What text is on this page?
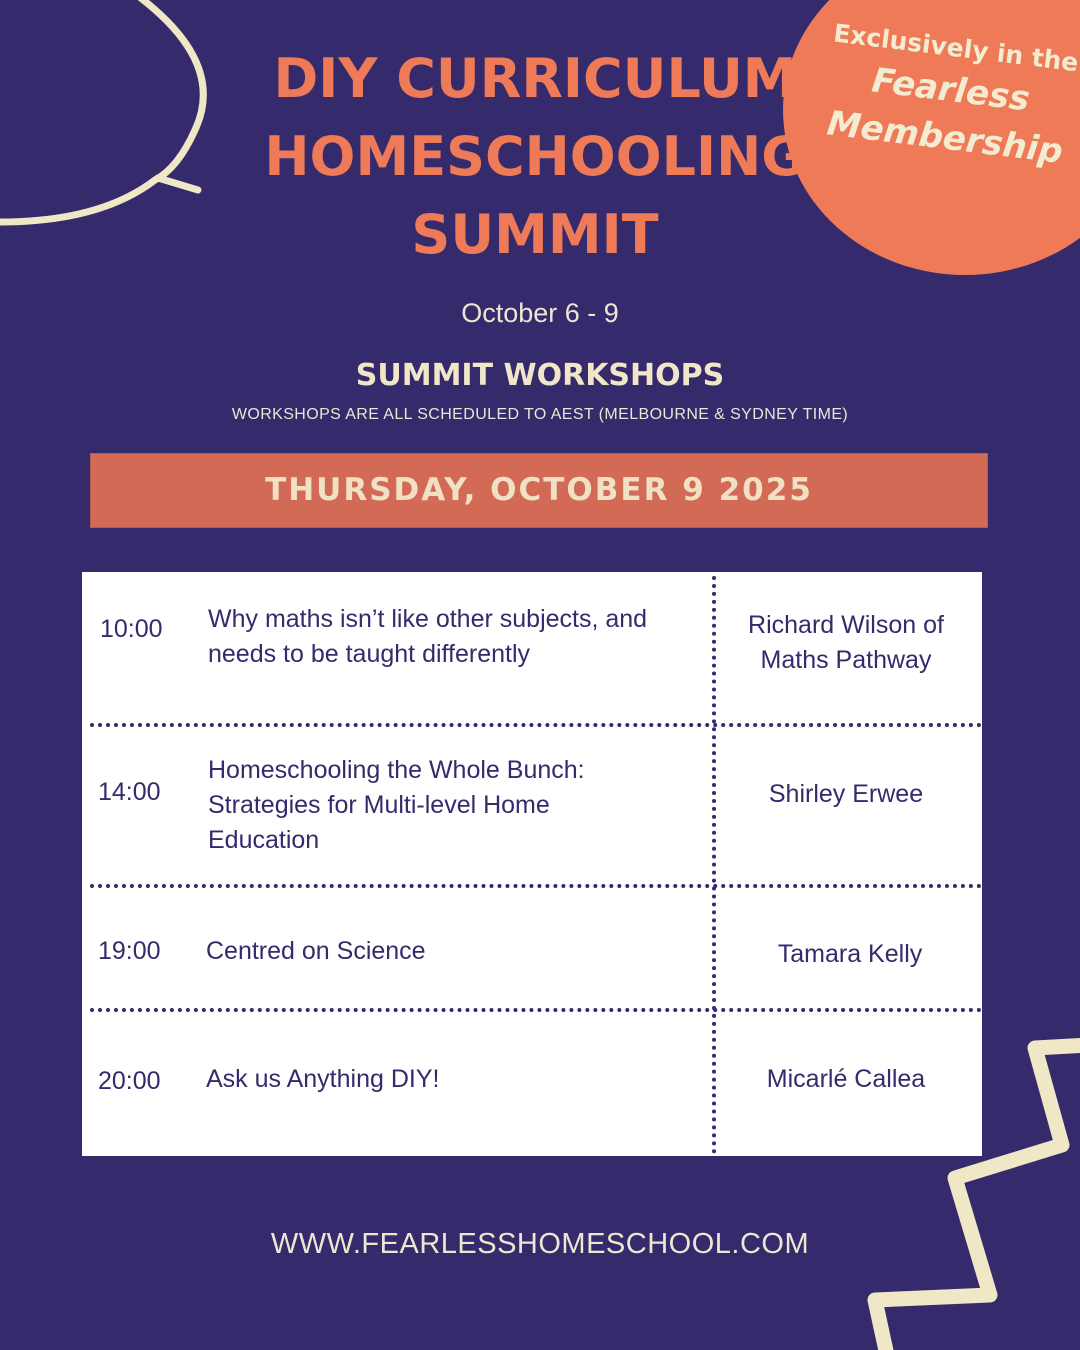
DIY CURRICULUM
HOMESCHOOLING
SUMMIT
Exclusively in the
Fearless
Membership
October 6 - 9
SUMMIT WORKSHOPS
WORKSHOPS ARE ALL SCHEDULED TO AEST (MELBOURNE & SYDNEY TIME)
THURSDAY, OCTOBER 9 2025
10:00 Why maths isn’t like other subjects, and
needs to be taught differently
Richard Wilson of
Maths Pathway
14:00
Homeschooling the Whole Bunch:
Strategies for Multi-level Home
Education
Shirley Erwee
19:00 Centred on Science	Tamara Kelly
20:00 Ask us Anything DIY!	Micarlé Callea
WWW.FEARLESSHOMESCHOOL.COM
